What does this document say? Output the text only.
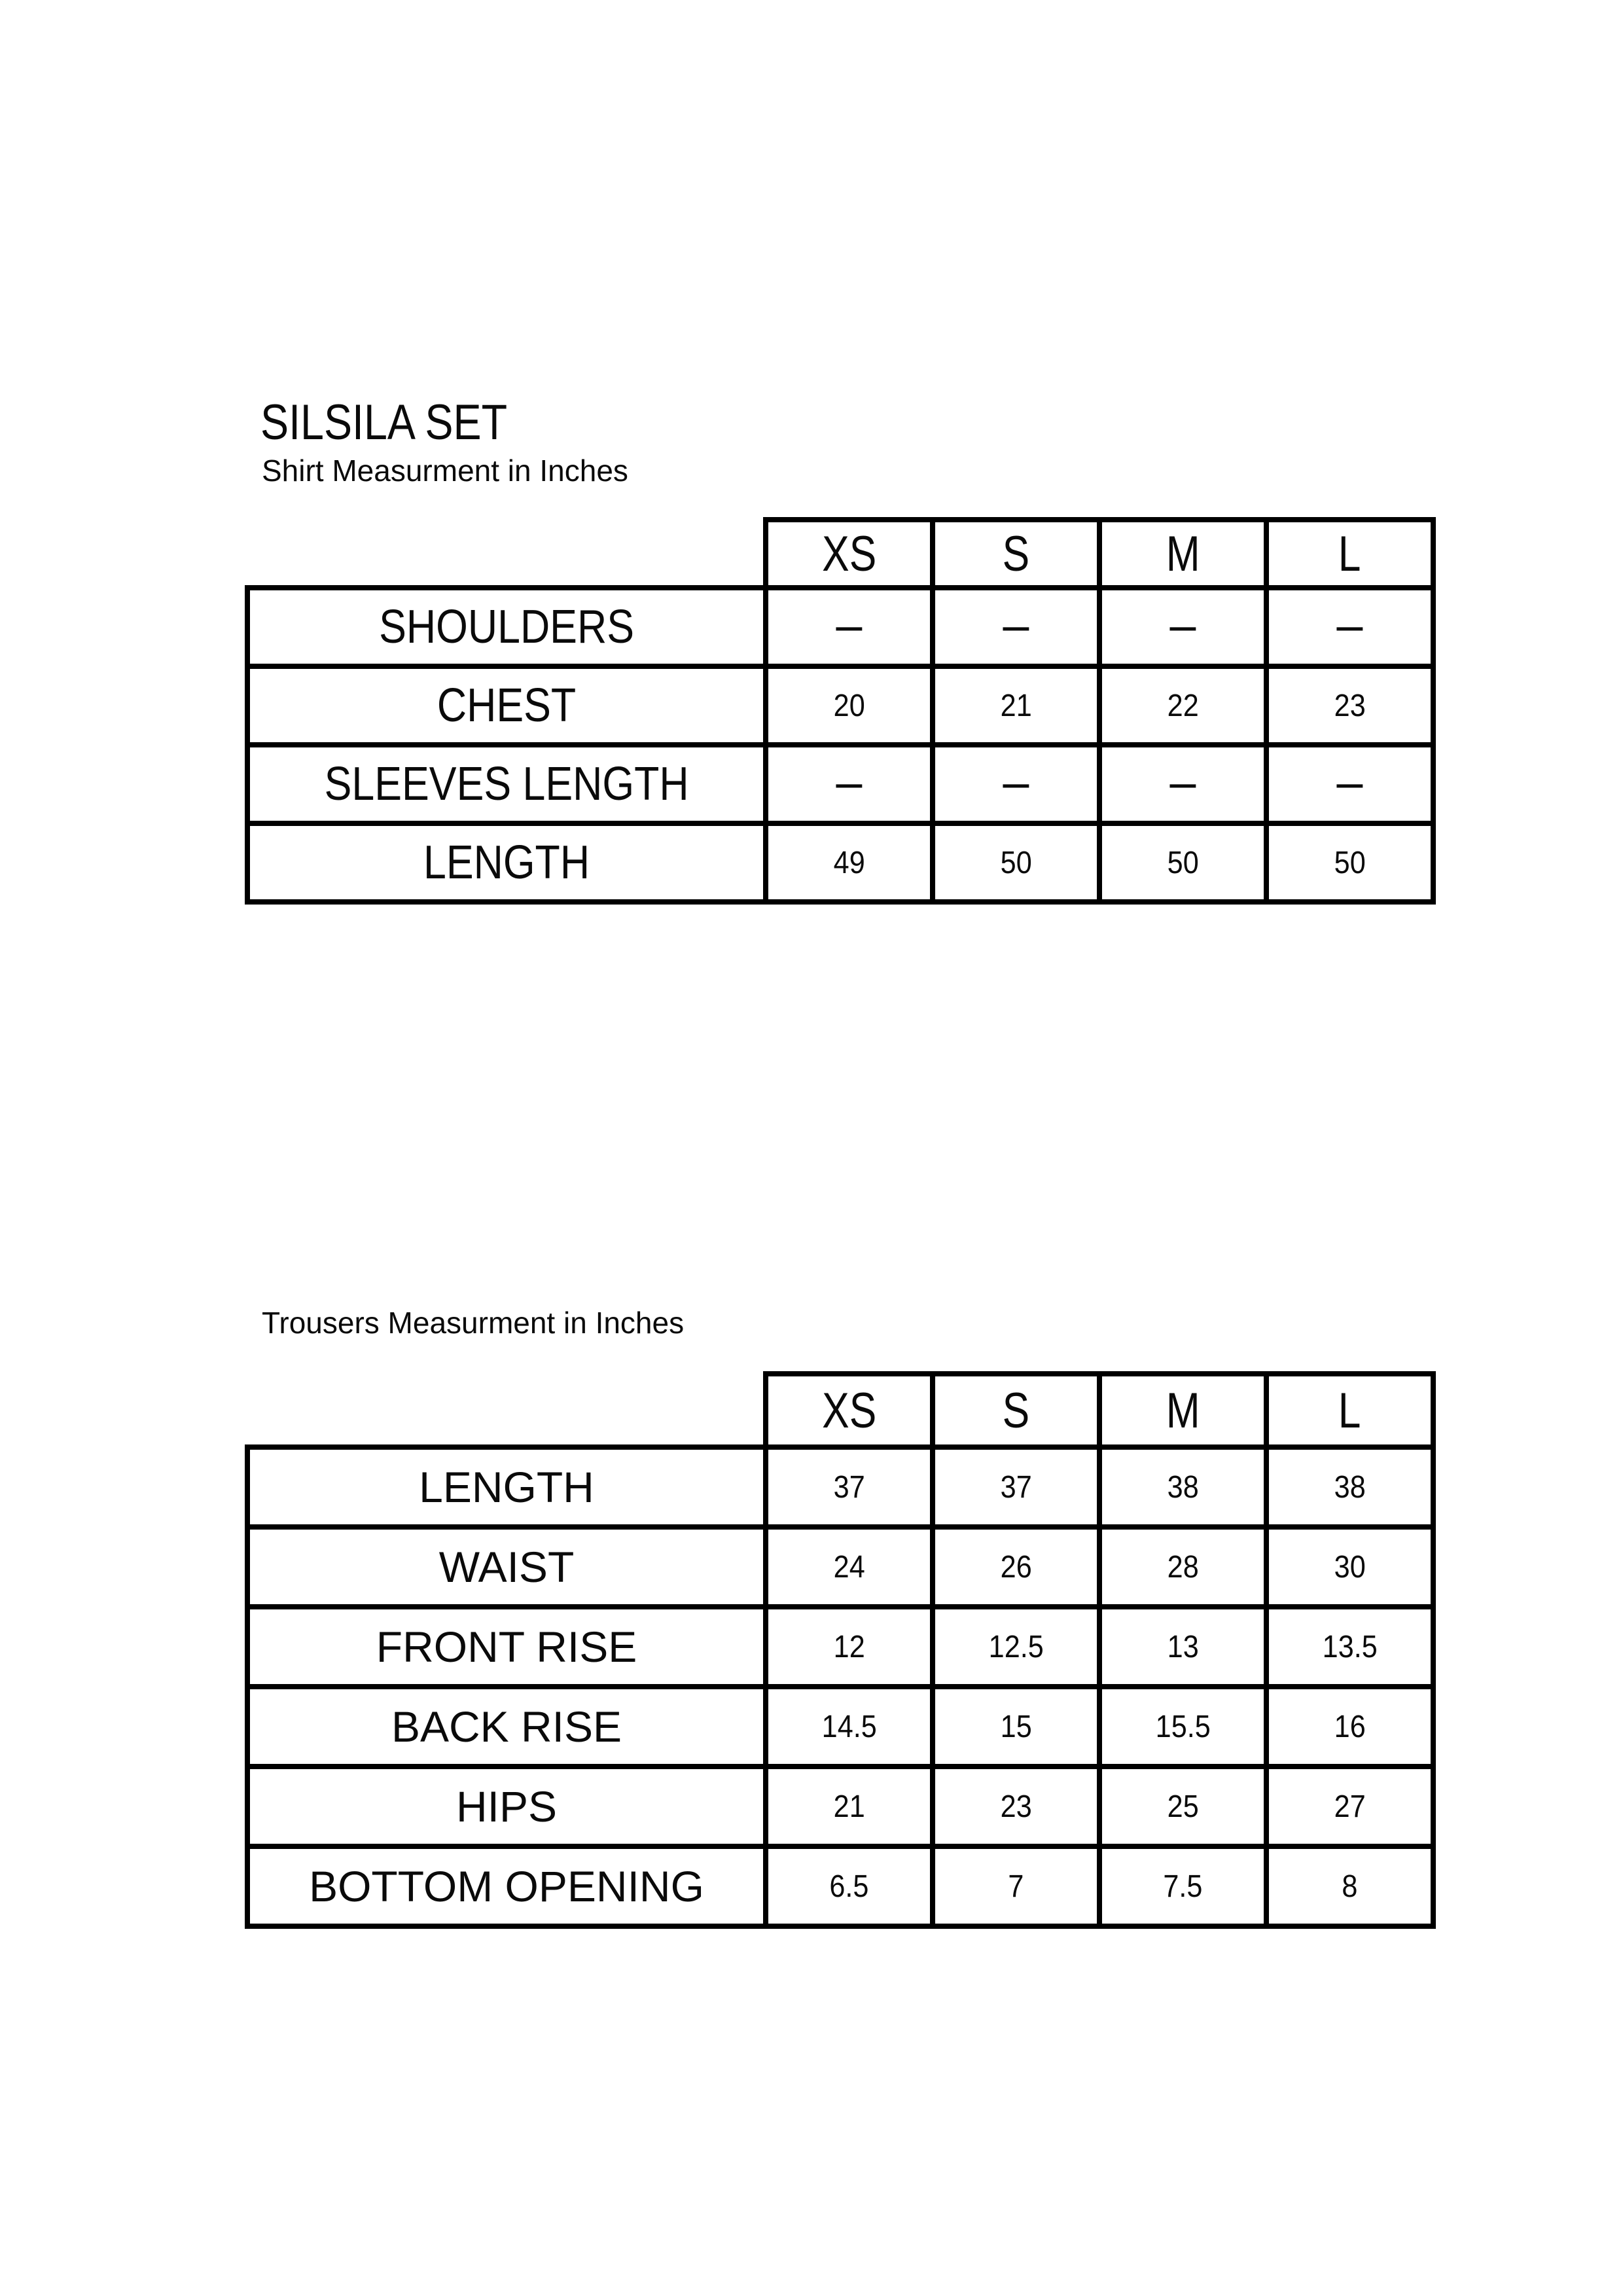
SILSILA SET
Shirt Measurment in Inches
	XS	S	M	L
SHOULDERS	–	–	–	–
CHEST	20	21	22	23
SLEEVES LENGTH	–	–	–	–
LENGTH	49	50	50	50
Trousers Measurment in Inches
	XS	S	M	L
LENGTH	37	37	38	38
WAIST	24	26	28	30
FRONT RISE	12	12.5	13	13.5
BACK RISE	14.5	15	15.5	16
HIPS	21	23	25	27
BOTTOM OPENING	6.5	7	7.5	8
